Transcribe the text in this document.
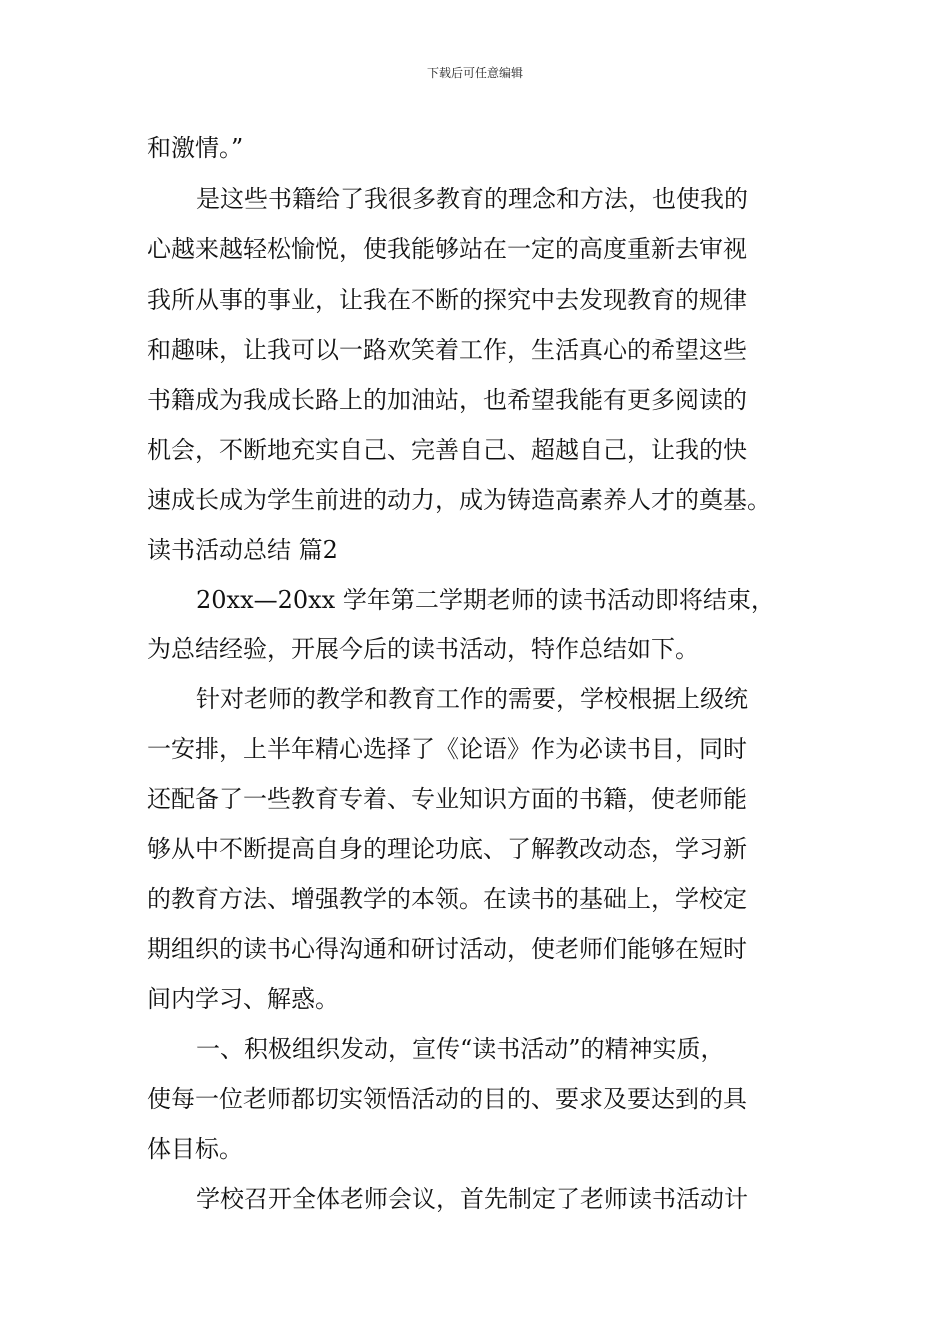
下载后可任意编辑
和激情。”
是这些书籍给了我很多教育的理念和方法，也使我的
心越来越轻松愉悦，使我能够站在一定的高度重新去审视
我所从事的事业，让我在不断的探究中去发现教育的规律
和趣味，让我可以一路欢笑着工作，生活真心的希望这些
书籍成为我成长路上的加油站，也希望我能有更多阅读的
机会，不断地充实自己、完善自己、超越自己，让我的快
速成长成为学生前进的动力，成为铸造高素养人才的奠基。
读书活动总结 篇2
20xx—20xx 学年第二学期老师的读书活动即将结束，
为总结经验，开展今后的读书活动，特作总结如下。
针对老师的教学和教育工作的需要，学校根据上级统
一安排，上半年精心选择了《论语》作为必读书目，同时
还配备了一些教育专着、专业知识方面的书籍，使老师能
够从中不断提高自身的理论功底、了解教改动态，学习新
的教育方法、增强教学的本领。在读书的基础上，学校定
期组织的读书心得沟通和研讨活动，使老师们能够在短时
间内学习、解惑。
一、积极组织发动，宣传“读书活动”的精神实质，
使每一位老师都切实领悟活动的目的、要求及要达到的具
体目标。
学校召开全体老师会议，首先制定了老师读书活动计
